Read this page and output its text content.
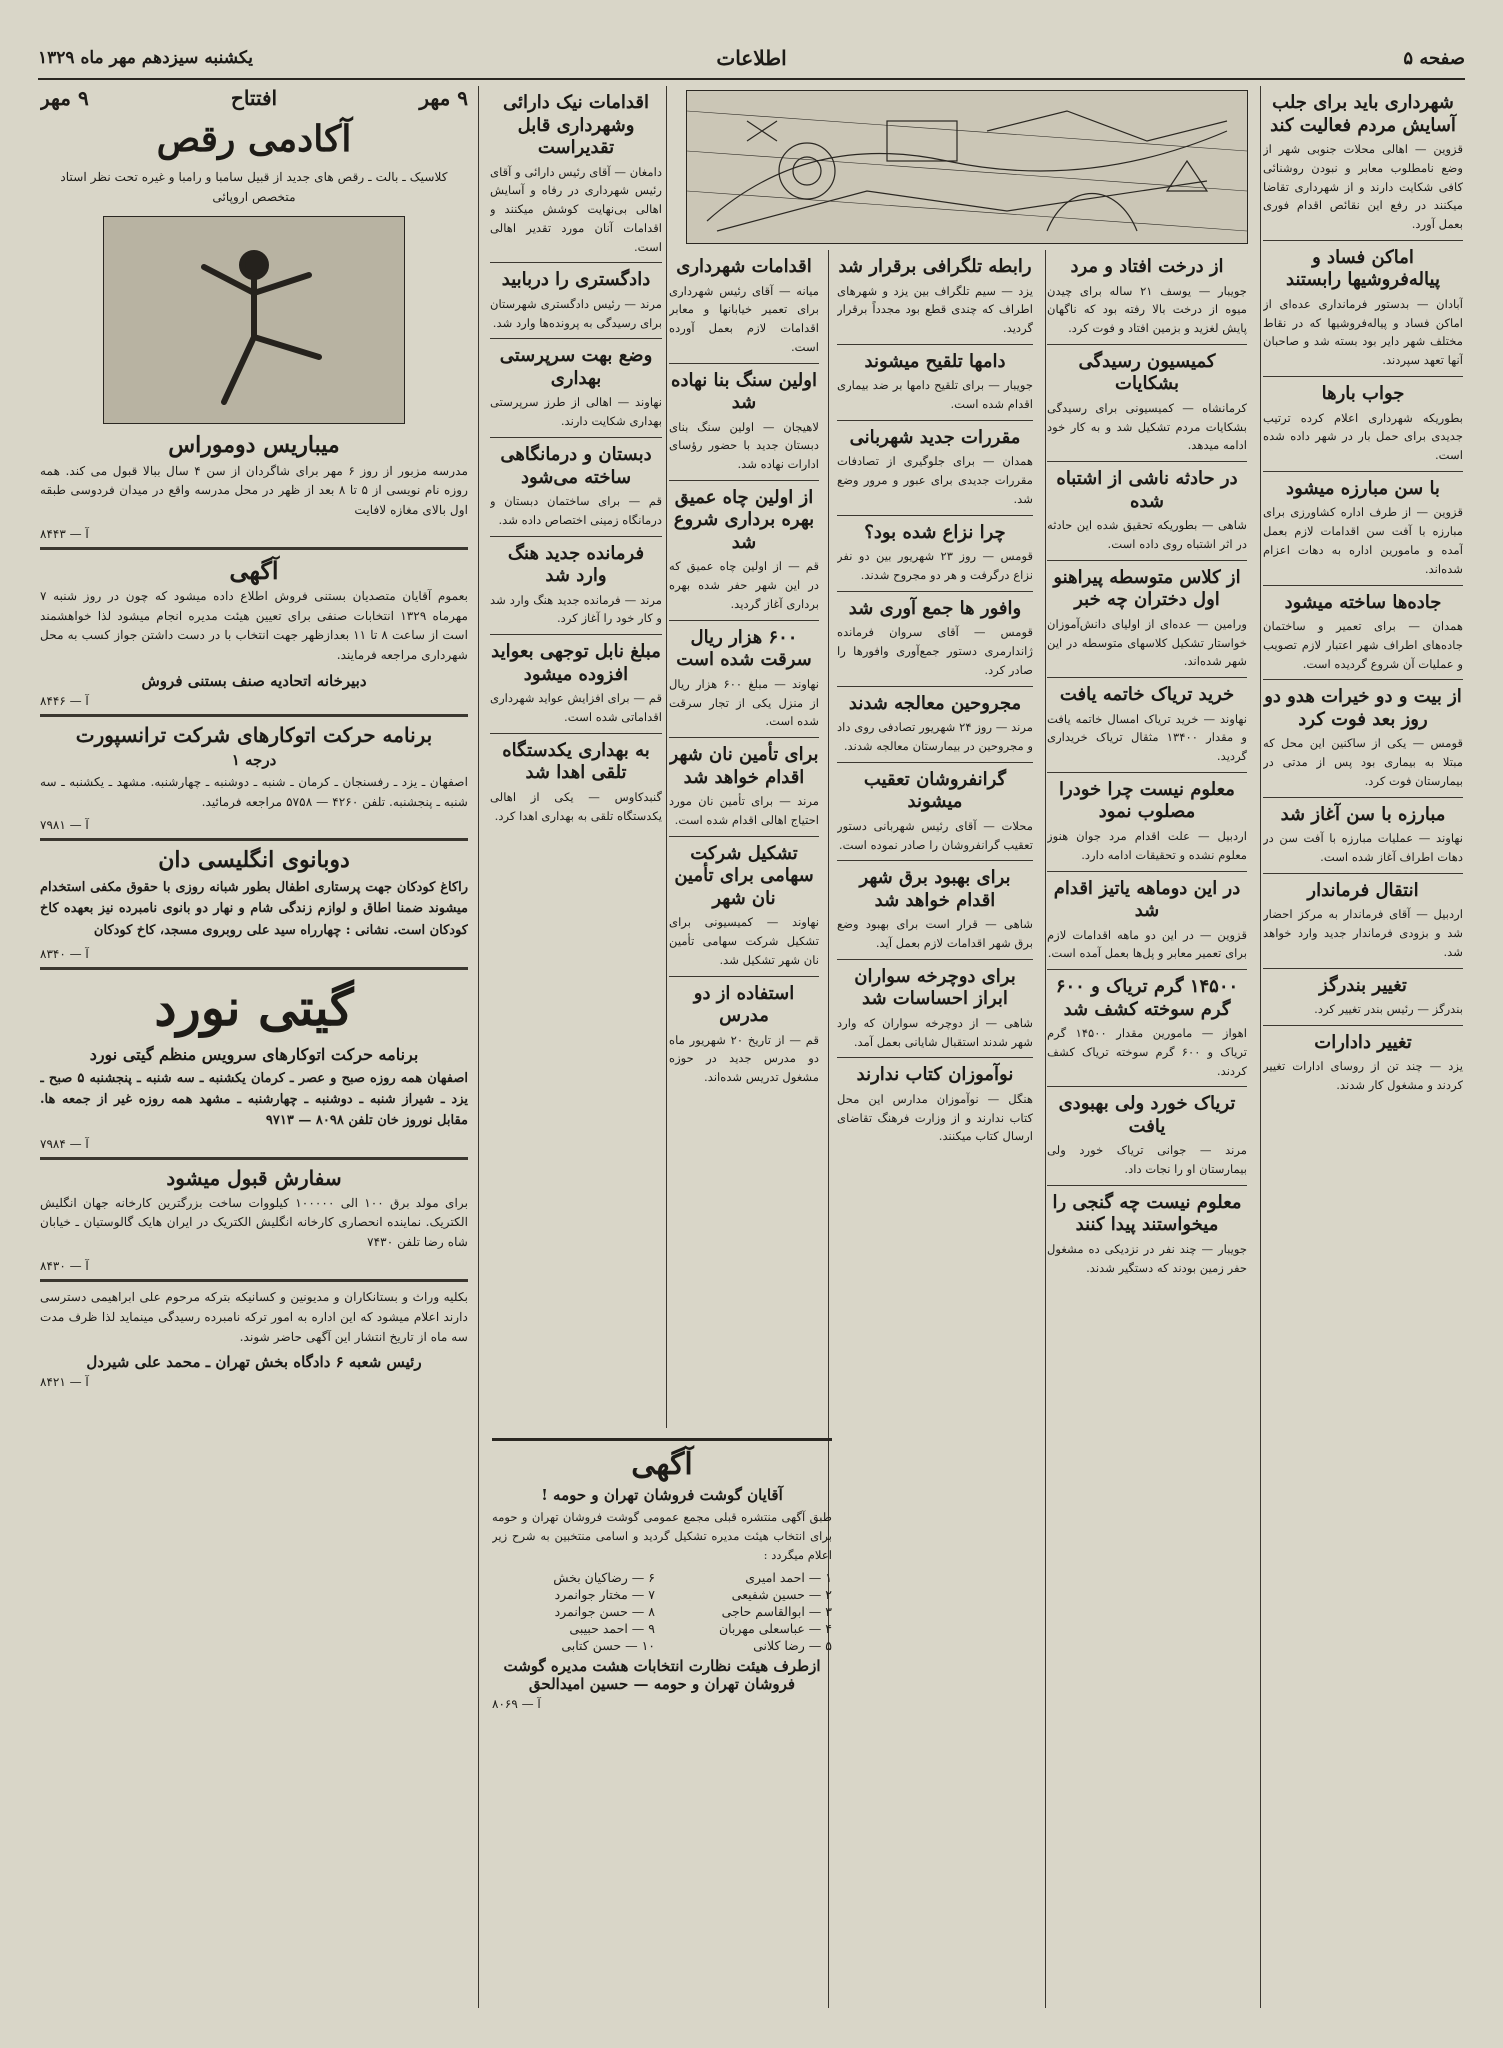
صفحه ۵
اطلاعات
یکشنبه سیزدهم مهر ماه ۱۳۲۹
شهرداری باید برای جلب آسایش مردم فعالیت کند

قزوین — اهالی محلات جنوبی شهر از وضع نامطلوب معابر و نبودن روشنائی کافی شکایت دارند و از شهرداری تقاضا میکنند در رفع این نقائص اقدام فوری بعمل آورد.

اماکن فساد و پیاله‌فروشیها رابستند

آبادان — بدستور فرمانداری عده‌ای از اماکن فساد و پیاله‌فروشیها که در نقاط مختلف شهر دایر بود بسته شد و صاحبان آنها تعهد سپردند.

جواب بارها

بطوریکه شهرداری اعلام کرده ترتیب جدیدی برای حمل بار در شهر داده شده است.

با سن مبارزه میشود

قزوین — از طرف اداره کشاورزی برای مبارزه با آفت سن اقدامات لازم بعمل آمده و مامورین اداره به دهات اعزام شده‌اند.

جاده‌ها ساخته میشود

همدان — برای تعمیر و ساختمان جاده‌های اطراف شهر اعتبار لازم تصویب و عملیات آن شروع گردیده است.

از بیت و دو خیرات هدو دو روز بعد فوت کرد

قومس — یکی از ساکنین این محل که مبتلا به بیماری بود پس از مدتی در بیمارستان فوت کرد.

مبارزه با سن آغاز شد

نهاوند — عملیات مبارزه با آفت سن در دهات اطراف آغاز شده است.

انتقال فرماندار

اردبیل — آقای فرماندار به مرکز احضار شد و بزودی فرماندار جدید وارد خواهد شد.

تغییر بندرگز

بندرگز — رئیس بندر تغییر کرد.

تغییر دادارات

یزد — چند تن از روسای ادارات تغییر کردند و مشغول کار شدند.

از درخت افتاد و مرد

جویبار — یوسف ۲۱ ساله برای چیدن میوه از درخت بالا رفته بود که ناگهان پایش لغزید و بزمین افتاد و فوت کرد.

کمیسیون رسیدگی بشکایات

کرمانشاه — کمیسیونی برای رسیدگی بشکایات مردم تشکیل شد و به کار خود ادامه میدهد.

در حادثه ناشی از اشتباه شده

شاهی — بطوریکه تحقیق شده این حادثه در اثر اشتباه روی داده است.

از کلاس متوسطه پیراهنو اول دختران چه خبر

ورامین — عده‌ای از اولیای دانش‌آموزان خواستار تشکیل کلاسهای متوسطه در این شهر شده‌اند.

خرید تریاک خاتمه یافت

نهاوند — خرید تریاک امسال خاتمه یافت و مقدار ۱۳۴۰۰ مثقال تریاک خریداری گردید.

معلوم نیست چرا خودرا مصلوب نمود

اردبیل — علت اقدام مرد جوان هنوز معلوم نشده و تحقیقات ادامه دارد.

در این دوماهه یاتیز اقدام شد

قزوین — در این دو ماهه اقدامات لازم برای تعمیر معابر و پل‌ها بعمل آمده است.

۱۴۵۰۰ گرم تریاک و ۶۰۰ گرم سوخته کشف شد

اهواز — مامورین مقدار ۱۴۵۰۰ گرم تریاک و ۶۰۰ گرم سوخته تریاک کشف کردند.

تریاک خورد ولی بهبودی یافت

مرند — جوانی تریاک خورد ولی بیمارستان او را نجات داد.

معلوم نیست چه گنجی را میخواستند پیدا کنند

جویبار — چند نفر در نزدیکی ده مشغول حفر زمین بودند که دستگیر شدند.

رابطه تلگرافی برقرار شد

یزد — سیم تلگراف بین یزد و شهرهای اطراف که چندی قطع بود مجدداً برقرار گردید.

دامها تلقیح میشوند

جویبار — برای تلقیح دامها بر ضد بیماری اقدام شده است.

مقررات جدید شهربانی

همدان — برای جلوگیری از تصادفات مقررات جدیدی برای عبور و مرور وضع شد.

چرا نزاع شده بود؟

قومس — روز ۲۳ شهریور بین دو نفر نزاع درگرفت و هر دو مجروح شدند.

وافور ها جمع آوری شد

قومس — آقای سروان فرمانده ژاندارمری دستور جمع‌آوری وافورها را صادر کرد.

مجروحین معالجه شدند

مرند — روز ۲۴ شهریور تصادفی روی داد و مجروحین در بیمارستان معالجه شدند.

گرانفروشان تعقیب میشوند

محلات — آقای رئیس شهربانی دستور تعقیب گرانفروشان را صادر نموده است.

برای بهبود برق شهر اقدام خواهد شد

شاهی — قرار است برای بهبود وضع برق شهر اقدامات لازم بعمل آید.

برای دوچرخه سواران ابراز احساسات شد

شاهی — از دوچرخه سواران که وارد شهر شدند استقبال شایانی بعمل آمد.

نوآموزان کتاب ندارند

هنگل — نوآموزان مدارس این محل کتاب ندارند و از وزارت فرهنگ تقاضای ارسال کتاب میکنند.

اقدامات شهرداری

میانه — آقای رئیس شهرداری برای تعمیر خیابانها و معابر اقدامات لازم بعمل آورده است.

اولین سنگ بنا نهاده شد

لاهیجان — اولین سنگ بنای دبستان جدید با حضور رؤسای ادارات نهاده شد.

از اولین چاه عمیق بهره برداری شروع شد

قم — از اولین چاه عمیق که در این شهر حفر شده بهره برداری آغاز گردید.

۶۰۰ هزار ریال سرقت شده است

نهاوند — مبلغ ۶۰۰ هزار ریال از منزل یکی از تجار سرقت شده است.

برای تأمین نان شهر اقدام خواهد شد

مرند — برای تأمین نان مورد احتیاج اهالی اقدام شده است.

تشکیل شرکت سهامی برای تأمین نان شهر

نهاوند — کمیسیونی برای تشکیل شرکت سهامی تأمین نان شهر تشکیل شد.

استفاده از دو مدرس

قم — از تاریخ ۲۰ شهریور ماه دو مدرس جدید در حوزه مشغول تدریس شده‌اند.

آگهی
آقایان گوشت فروشان تهران و حومه !

طبق آگهی منتشره قبلی مجمع عمومی گوشت فروشان تهران و حومه برای انتخاب هیئت مدیره تشکیل گردید و اسامی منتخبین به شرح زیر اعلام میگردد :

۱ — احمد امیری
۶ — رضاکیان بخش
۲ — حسین شفیعی
۷ — مختار جوانمرد
۳ — ابوالقاسم حاجی
۸ — حسن جوانمرد
۴ — عباسعلی مهربان
۹ — احمد حبیبی
۵ — رضا کلانی
۱۰ — حسن کتابی
ازطرف هیئت نظارت انتخابات هشت مدیره گوشت فروشان تهران و حومه — حسین امیدالحق
آ — ۸۰۶۹
اقدامات نیک دارائی وشهرداری قابل تقدیراست

دامغان — آقای رئیس دارائی و آقای رئیس شهرداری در رفاه و آسایش اهالی بی‌نهایت کوشش میکنند و اقدامات آنان مورد تقدیر اهالی است.

دادگستری را دربابید

مرند — رئیس دادگستری شهرستان برای رسیدگی به پرونده‌ها وارد شد.

وضع بهت سرپرستی بهداری

نهاوند — اهالی از طرز سرپرستی بهداری شکایت دارند.

دبستان و درمانگاهی ساخته می‌شود

قم — برای ساختمان دبستان و درمانگاه زمینی اختصاص داده شد.

فرمانده جدید هنگ وارد شد

مرند — فرمانده جدید هنگ وارد شد و کار خود را آغاز کرد.

مبلغ نابل توجهی بعواید افزوده میشود

قم — برای افزایش عواید شهرداری اقداماتی شده است.

به بهداری یکدستگاه تلقی اهدا شد

گنبدکاوس — یکی از اهالی یکدستگاه تلقی به بهداری اهدا کرد.

۹ مهر
افتتاح
۹ مهر
آکادمی رقص

کلاسیک ـ بالت ـ رقص های جدید از قبیل سامبا و رامبا و غیره تحت نظر استاد متخصص اروپائی

میباریس دوموراس

مدرسه مزبور از روز ۶ مهر برای شاگردان از سن ۴ سال ببالا قبول می کند. همه روزه نام نویسی از ۵ تا ۸ بعد از ظهر در محل مدرسه واقع در میدان فردوسی طبقه اول بالای مغازه لافایت

آ — ۸۴۴۳
آگهی

بعموم آقایان متصدیان بستنی فروش اطلاع داده میشود که چون در روز شنبه ۷ مهرماه ۱۳۲۹ انتخابات صنفی برای تعیین هیئت مدیره انجام میشود لذا خواهشمند است از ساعت ۸ تا ۱۱ بعدازظهر جهت انتخاب با در دست داشتن جواز کسب به محل شهرداری مراجعه فرمایند.

دبیرخانه اتحادیه صنف بستنی فروش
آ — ۸۴۴۶
برنامه حرکت اتوکارهای شرکت ترانسپورت
درجه ۱

اصفهان ـ یزد ـ رفسنجان ـ کرمان ـ شنبه ـ دوشنبه ـ چهارشنبه. مشهد ـ یکشنبه ـ سه شنبه ـ پنجشنبه. تلفن ۴۲۶۰ — ۵۷۵۸ مراجعه فرمائید.

آ — ۷۹۸۱
دوبانوی انگلیسی دان

راکاغ کودکان جهت پرستاری اطفال بطور شبانه روزی با حقوق مکفی استخدام میشوند ضمنا اطاق و لوازم زندگی شام و نهار دو بانوی نامبرده نیز بعهده کاخ کودکان است. نشانی : چهارراه سید علی روبروی مسجد، کاخ کودکان

آ — ۸۳۴۰
گیتی نورد
برنامه حرکت اتوکارهای سرویس منظم گیتی نورد

اصفهان همه روزه صبح و عصر ـ کرمان یکشنبه ـ سه شنبه ـ پنجشنبه ۵ صبح ـ یزد ـ شیراز شنبه ـ دوشنبه ـ چهارشنبه ـ مشهد همه روزه غیر از جمعه ها. مقابل نوروز خان تلفن ۸۰۹۸ — ۹۷۱۳

آ — ۷۹۸۴
سفارش قبول میشود

برای مولد برق ۱۰۰ الی ۱۰۰۰۰۰ کیلووات ساخت بزرگترین کارخانه جهان انگلیش الکتریک. نماینده انحصاری کارخانه انگلیش الکتریک در ایران هایک گالوستیان ـ خیابان شاه رضا تلفن ۷۴۳۰

آ — ۸۴۳۰

بکلیه وراث و بستانکاران و مدیونین و کسانیکه بترکه مرحوم علی ابراهیمی دسترسی دارند اعلام میشود که این اداره به امور ترکه نامبرده رسیدگی مینماید لذا ظرف مدت سه ماه از تاریخ انتشار این آگهی حاضر شوند.

رئیس شعبه ۶ دادگاه بخش تهران ـ محمد علی شیردل
آ — ۸۴۲۱
